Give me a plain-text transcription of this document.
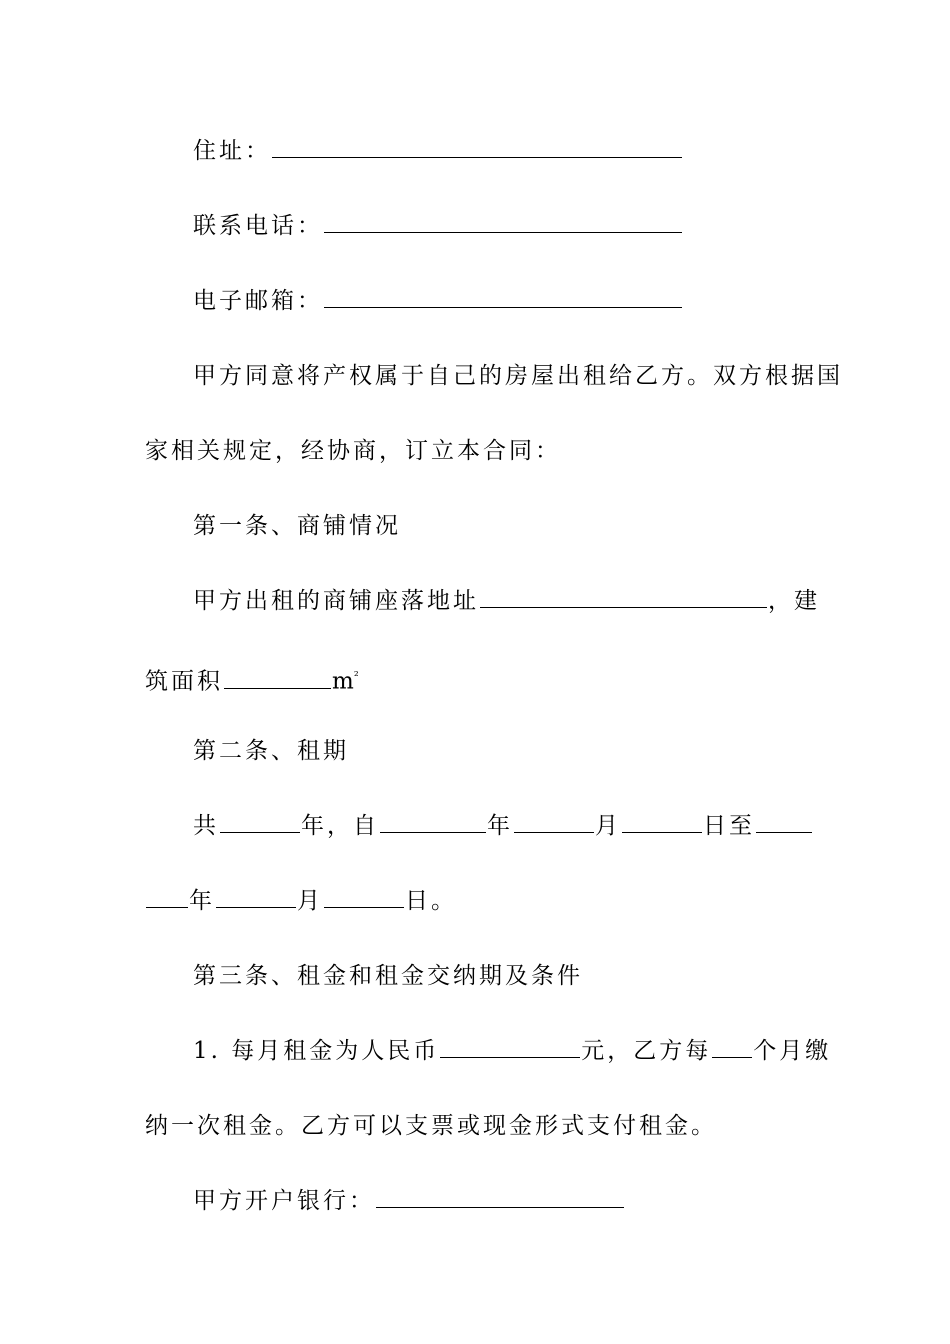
住址：
联系电话：
电子邮箱：
甲方同意将产权属于自己的房屋出租给乙方。双方根据国
家相关规定，经协商，订立本合同：
第一条、商铺情况
甲方出租的商铺座落地址	，建
筑面积	$m^{^2}$
第二条、租期
共	年，自	年	月	日至
年	月	日。
第三条、租金和租金交纳期及条件
1. 每月租金为人民币	元，乙方每 个月缴
纳一次租金。乙方可以支票或现金形式支付租金。
甲方开户银行：
